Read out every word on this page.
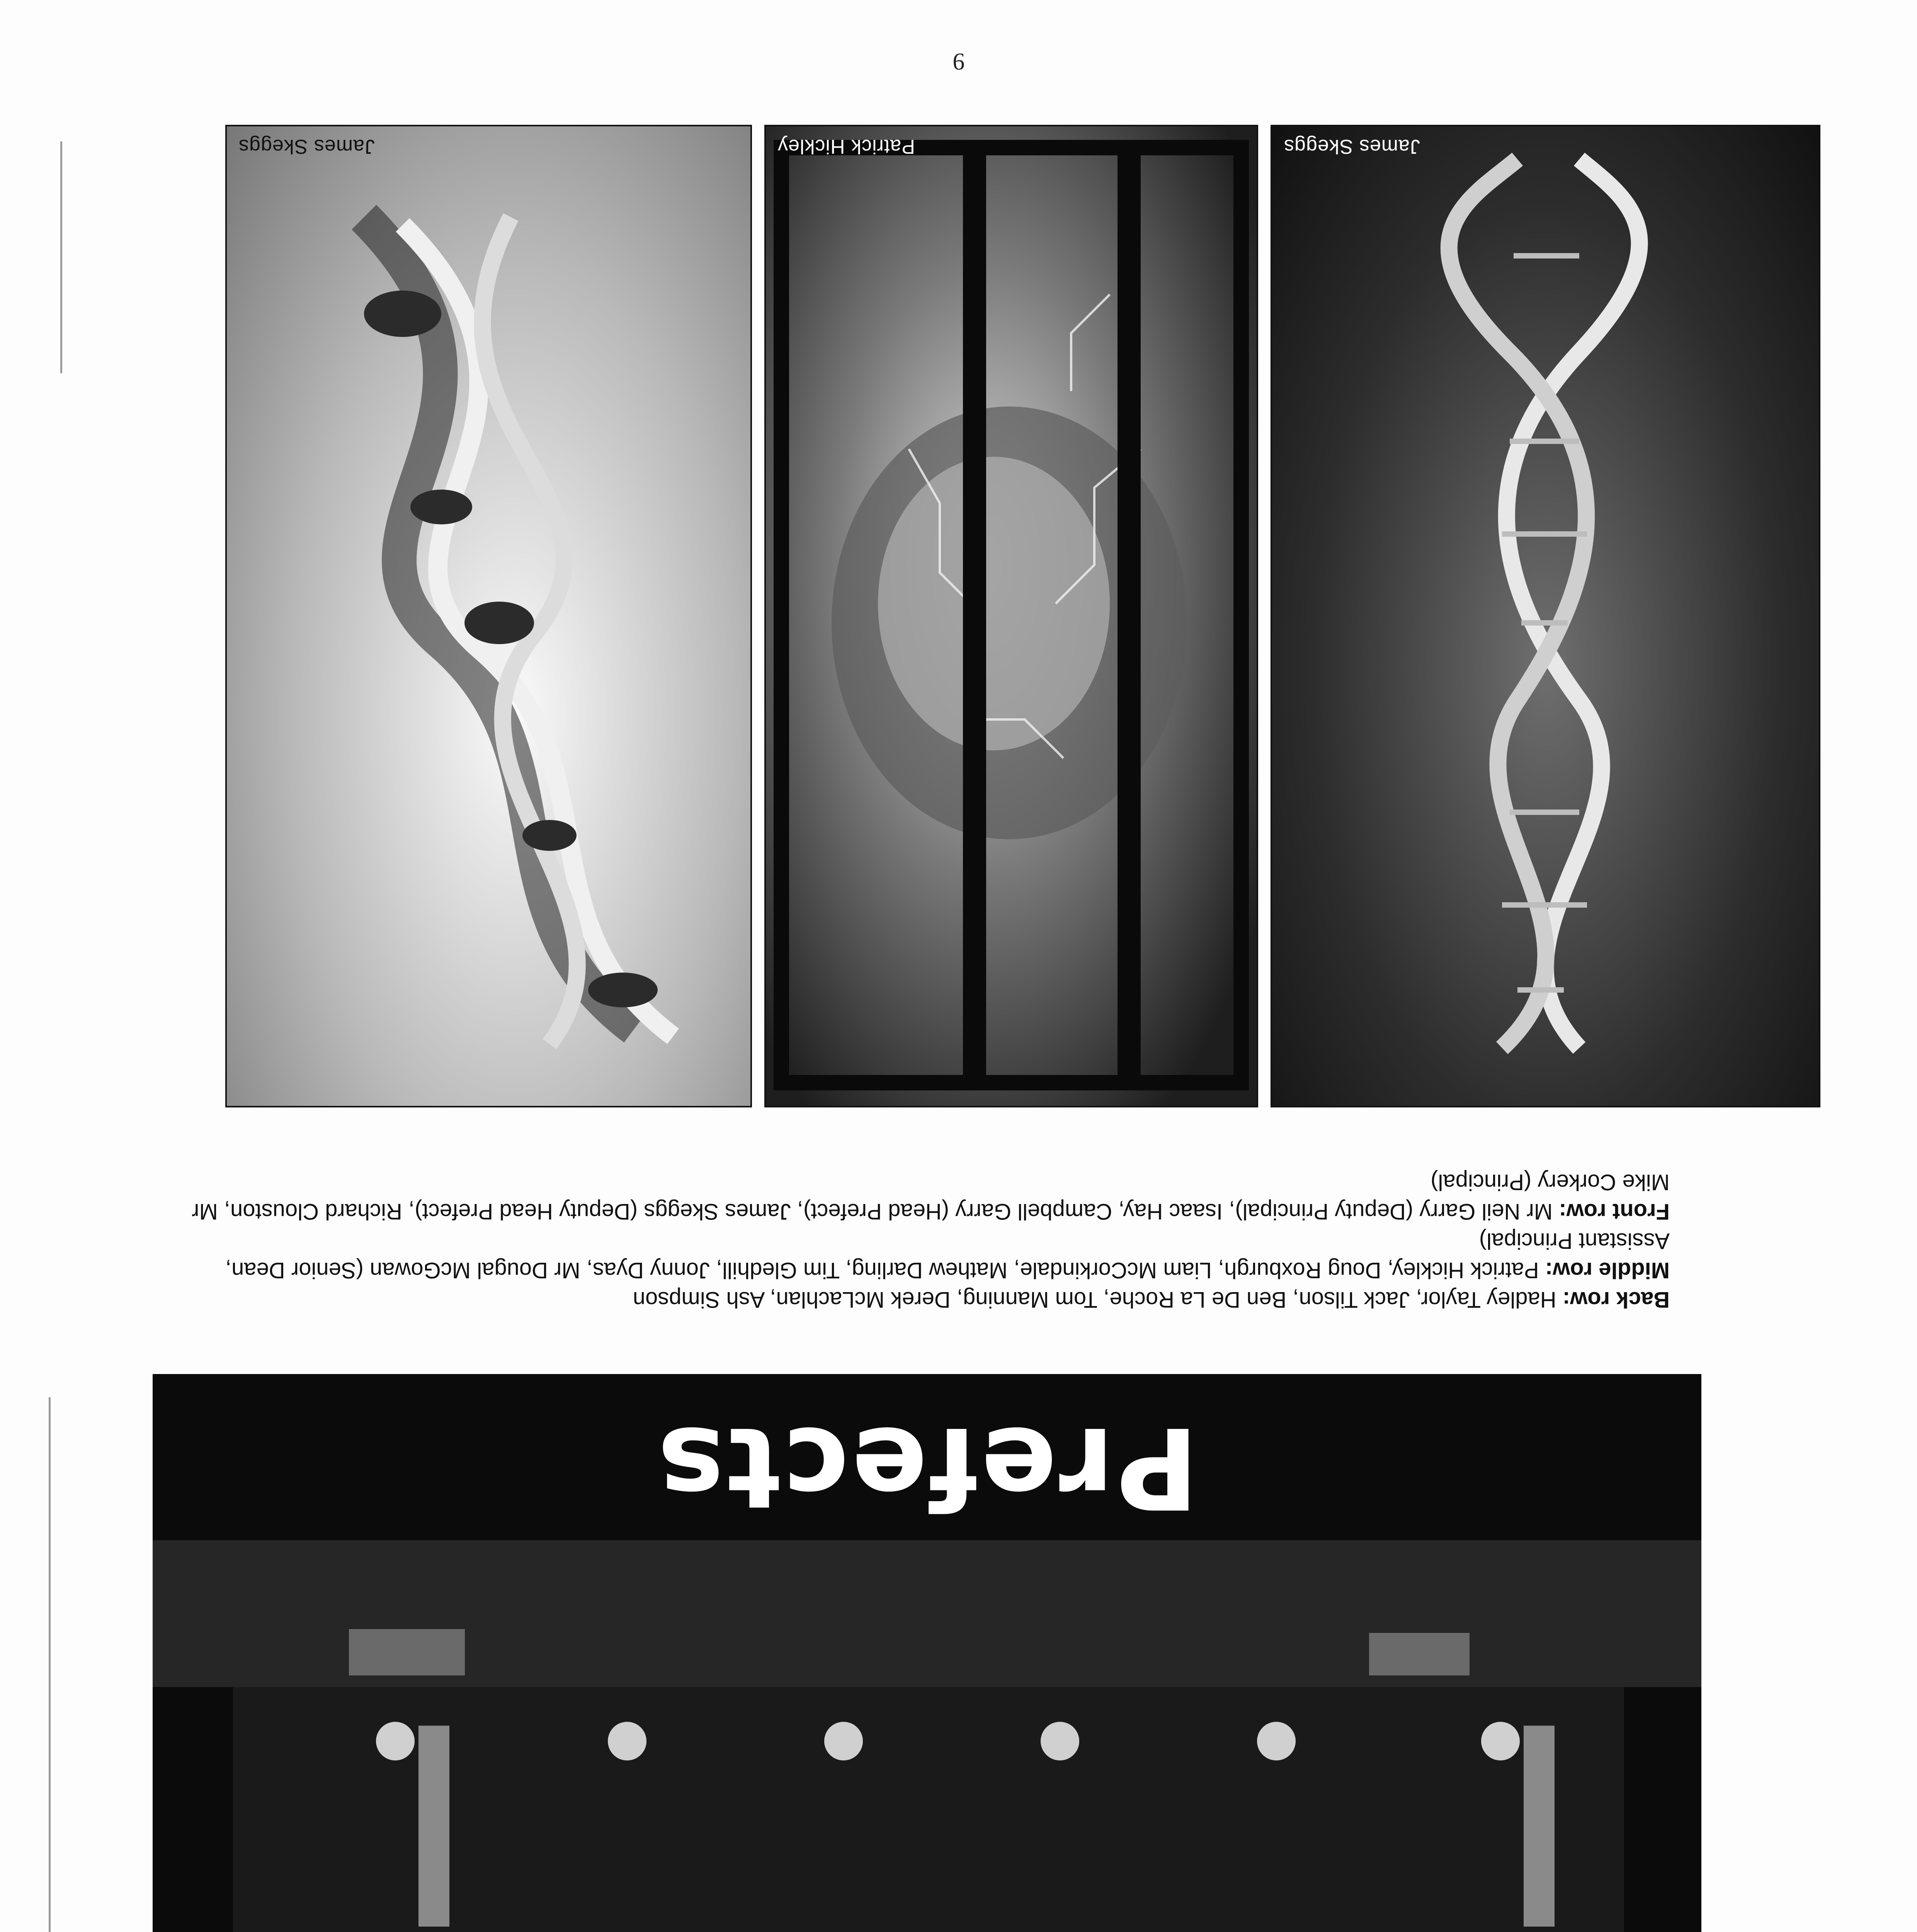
9
James Skeggs
Patrick Hickley
James Skeggs

Back row: Hadley Taylor, Jack Tilson, Ben De La Roche, Tom Manning, Derek McLachlan, Ash Simpson

Middle row: Patrick Hickley, Doug Roxburgh, Liam McCorkindale, Mathew Darling, Tim Gledhill, Jonny Dyas, Mr Dougal McGowan (Senior Dean, Assistant Principal)

Front row: Mr Neil Garry (Deputy Principal), Isaac Hay, Campbell Garry (Head Prefect), James Skeggs (Deputy Head Prefect), Richard Clouston, Mr Mike Corkery (Principal)

Prefects
